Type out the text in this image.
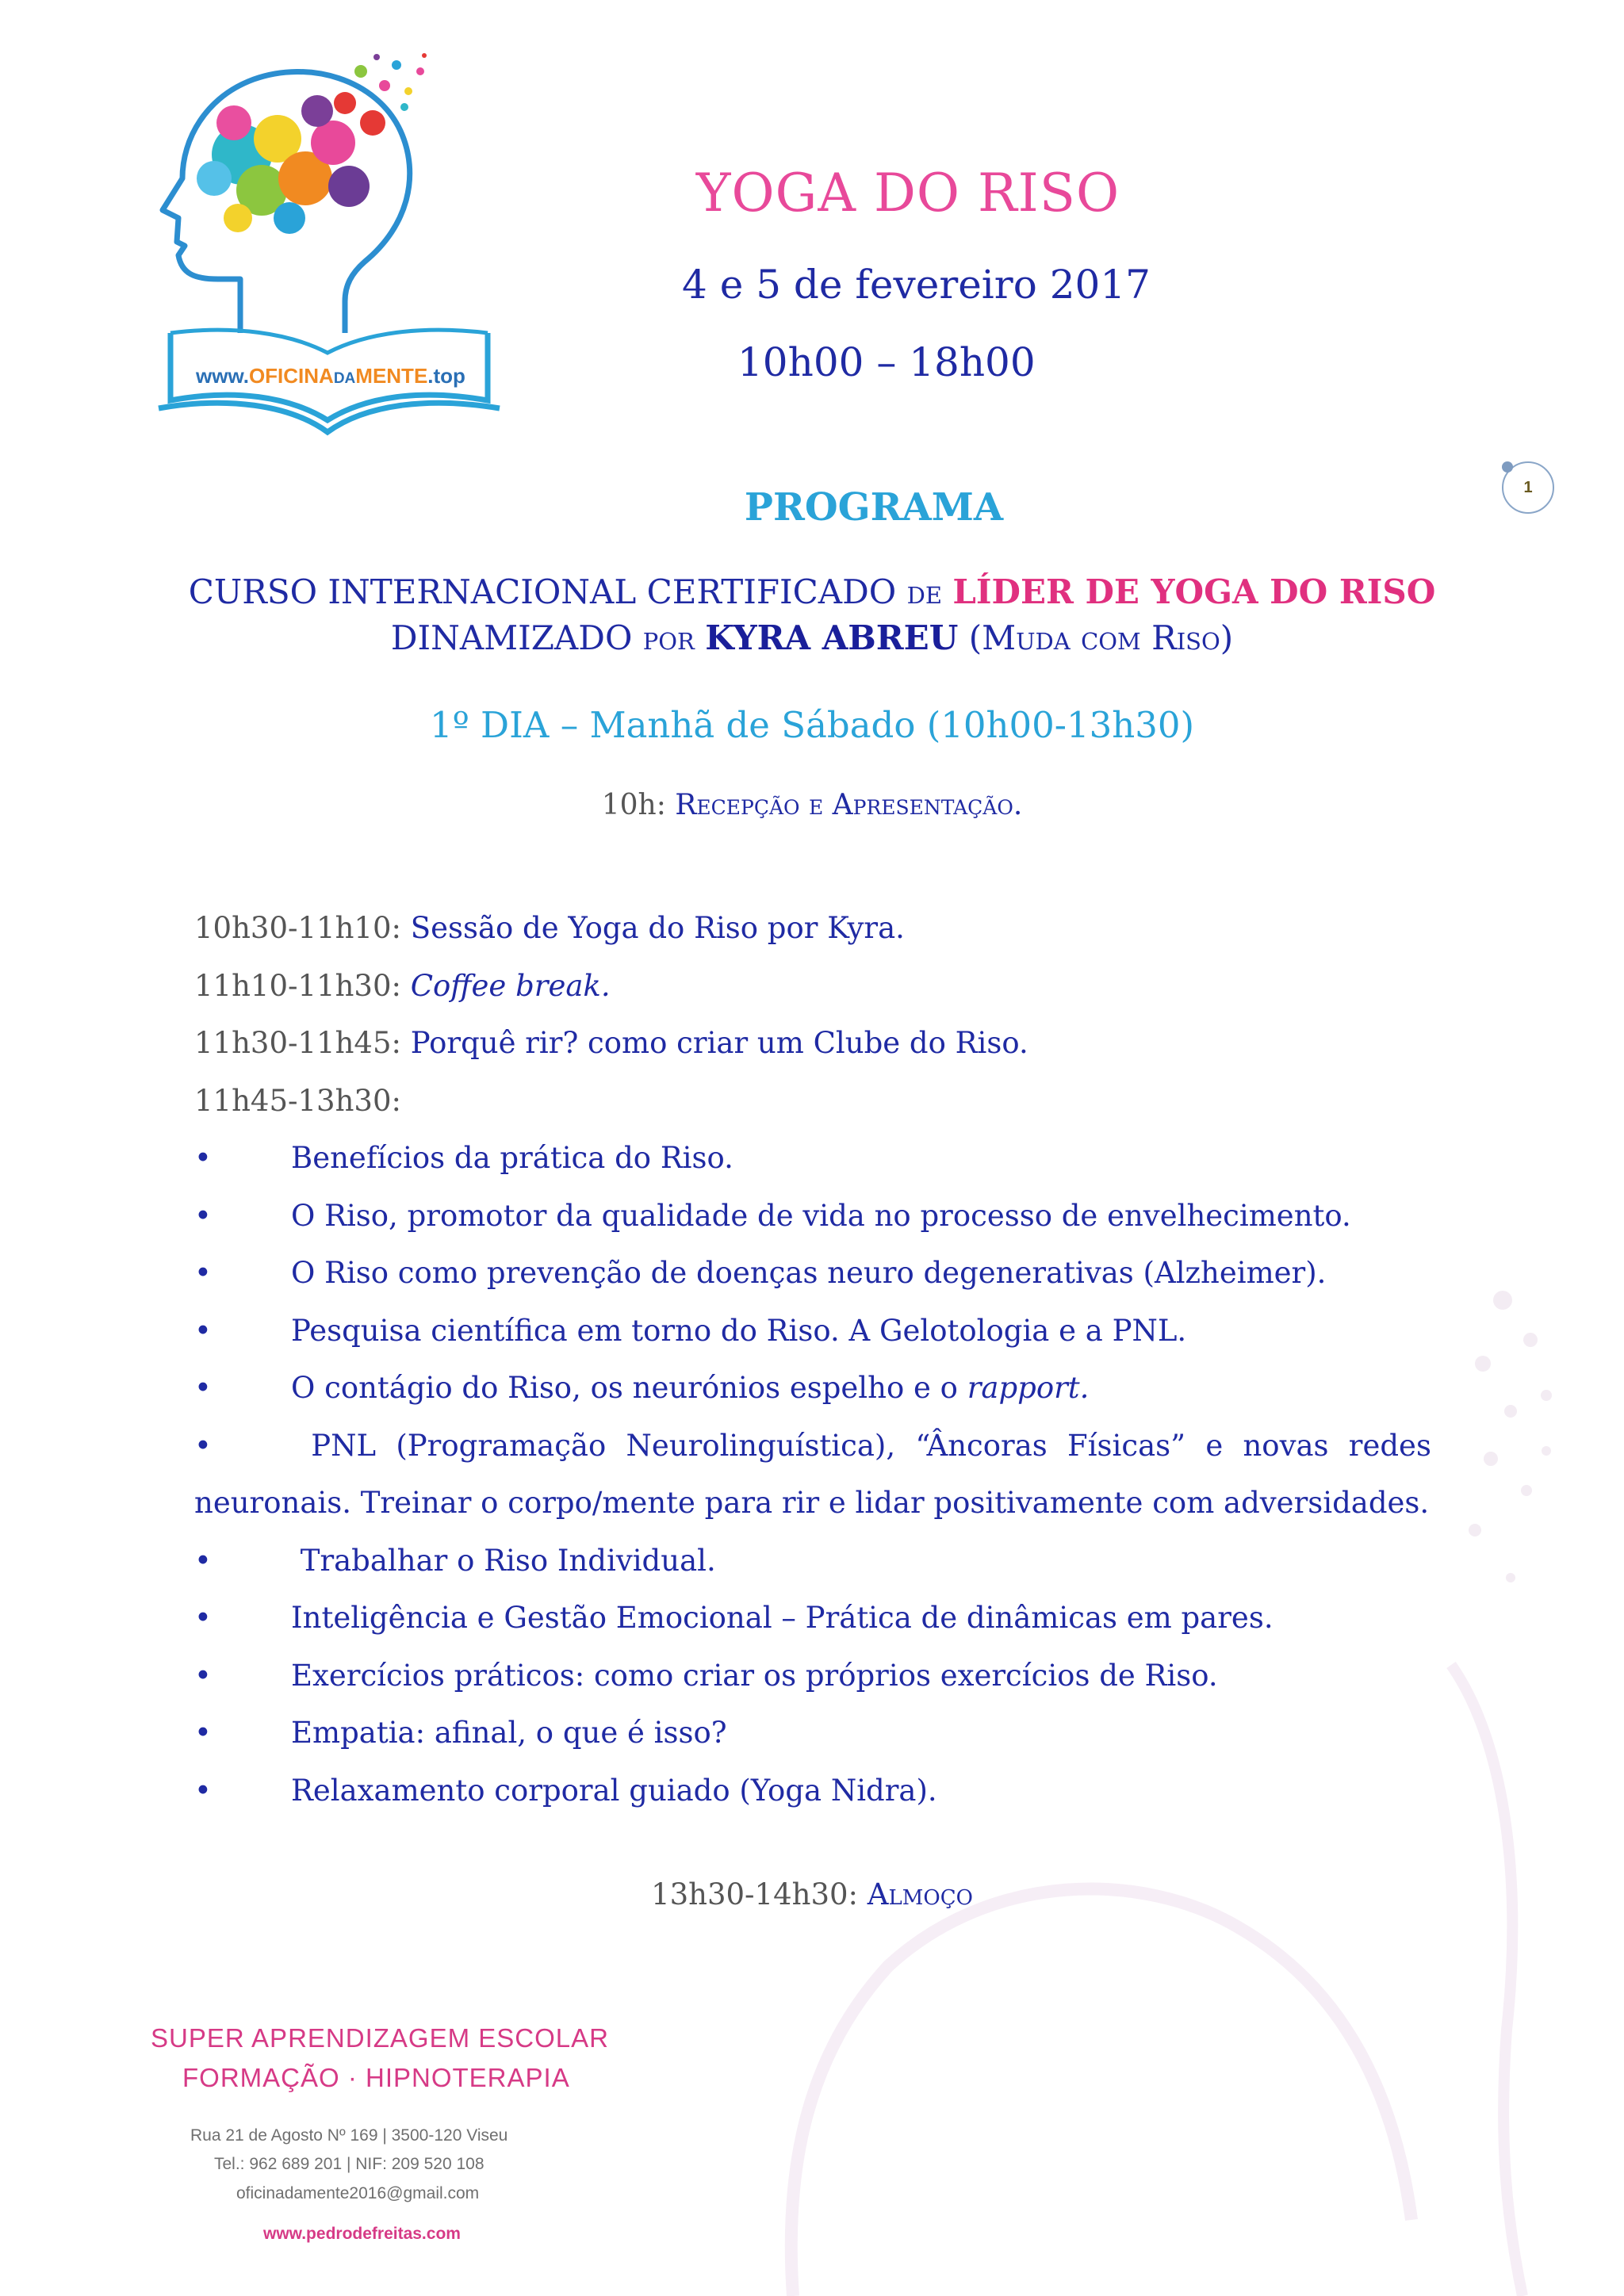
www.OFICINADAMENTE.top
YOGA DO RISO
4 e 5 de fevereiro 2017
10h00 – 18h00
1
PROGRAMA
CURSO INTERNACIONAL CERTIFICADO de LÍDER DE YOGA DO RISO
DINAMIZADO por KYRA ABREU (Muda com Riso)
1º DIA – Manhã de Sábado (10h00-13h30)
10h: Recepção e Apresentação.
10h30-11h10: Sessão de Yoga do Riso por Kyra.
11h10-11h30: Coffee break.
11h30-11h45: Porquê rir? como criar um Clube do Riso.
11h45-13h30:
•	Benefícios da prática do Riso.
•	O Riso, promotor da qualidade de vida no processo de envelhecimento.
•	O Riso como prevenção de doenças neuro degenerativas (Alzheimer).
•	Pesquisa científica em torno do Riso. A Gelotologia e a PNL.
•	O contágio do Riso, os neurónios espelho e o rapport.
•	PNL (Programação Neurolinguística), “Âncoras Físicas” e novas redes
neuronais. Treinar o corpo/mente para rir e lidar positivamente com adversidades.
•	Trabalhar o Riso Individual.
•	Inteligência e Gestão Emocional – Prática de dinâmicas em pares.
•	Exercícios práticos: como criar os próprios exercícios de Riso.
•	Empatia: afinal, o que é isso?
•	Relaxamento corporal guiado (Yoga Nidra).
13h30-14h30: Almoço
SUPER APRENDIZAGEM ESCOLAR
FORMAÇÃO · HIPNOTERAPIA
Rua 21 de Agosto Nº 169 | 3500-120 Viseu
Tel.: 962 689 201 | NIF: 209 520 108
oficinadamente2016@gmail.com
www.pedrodefreitas.com
